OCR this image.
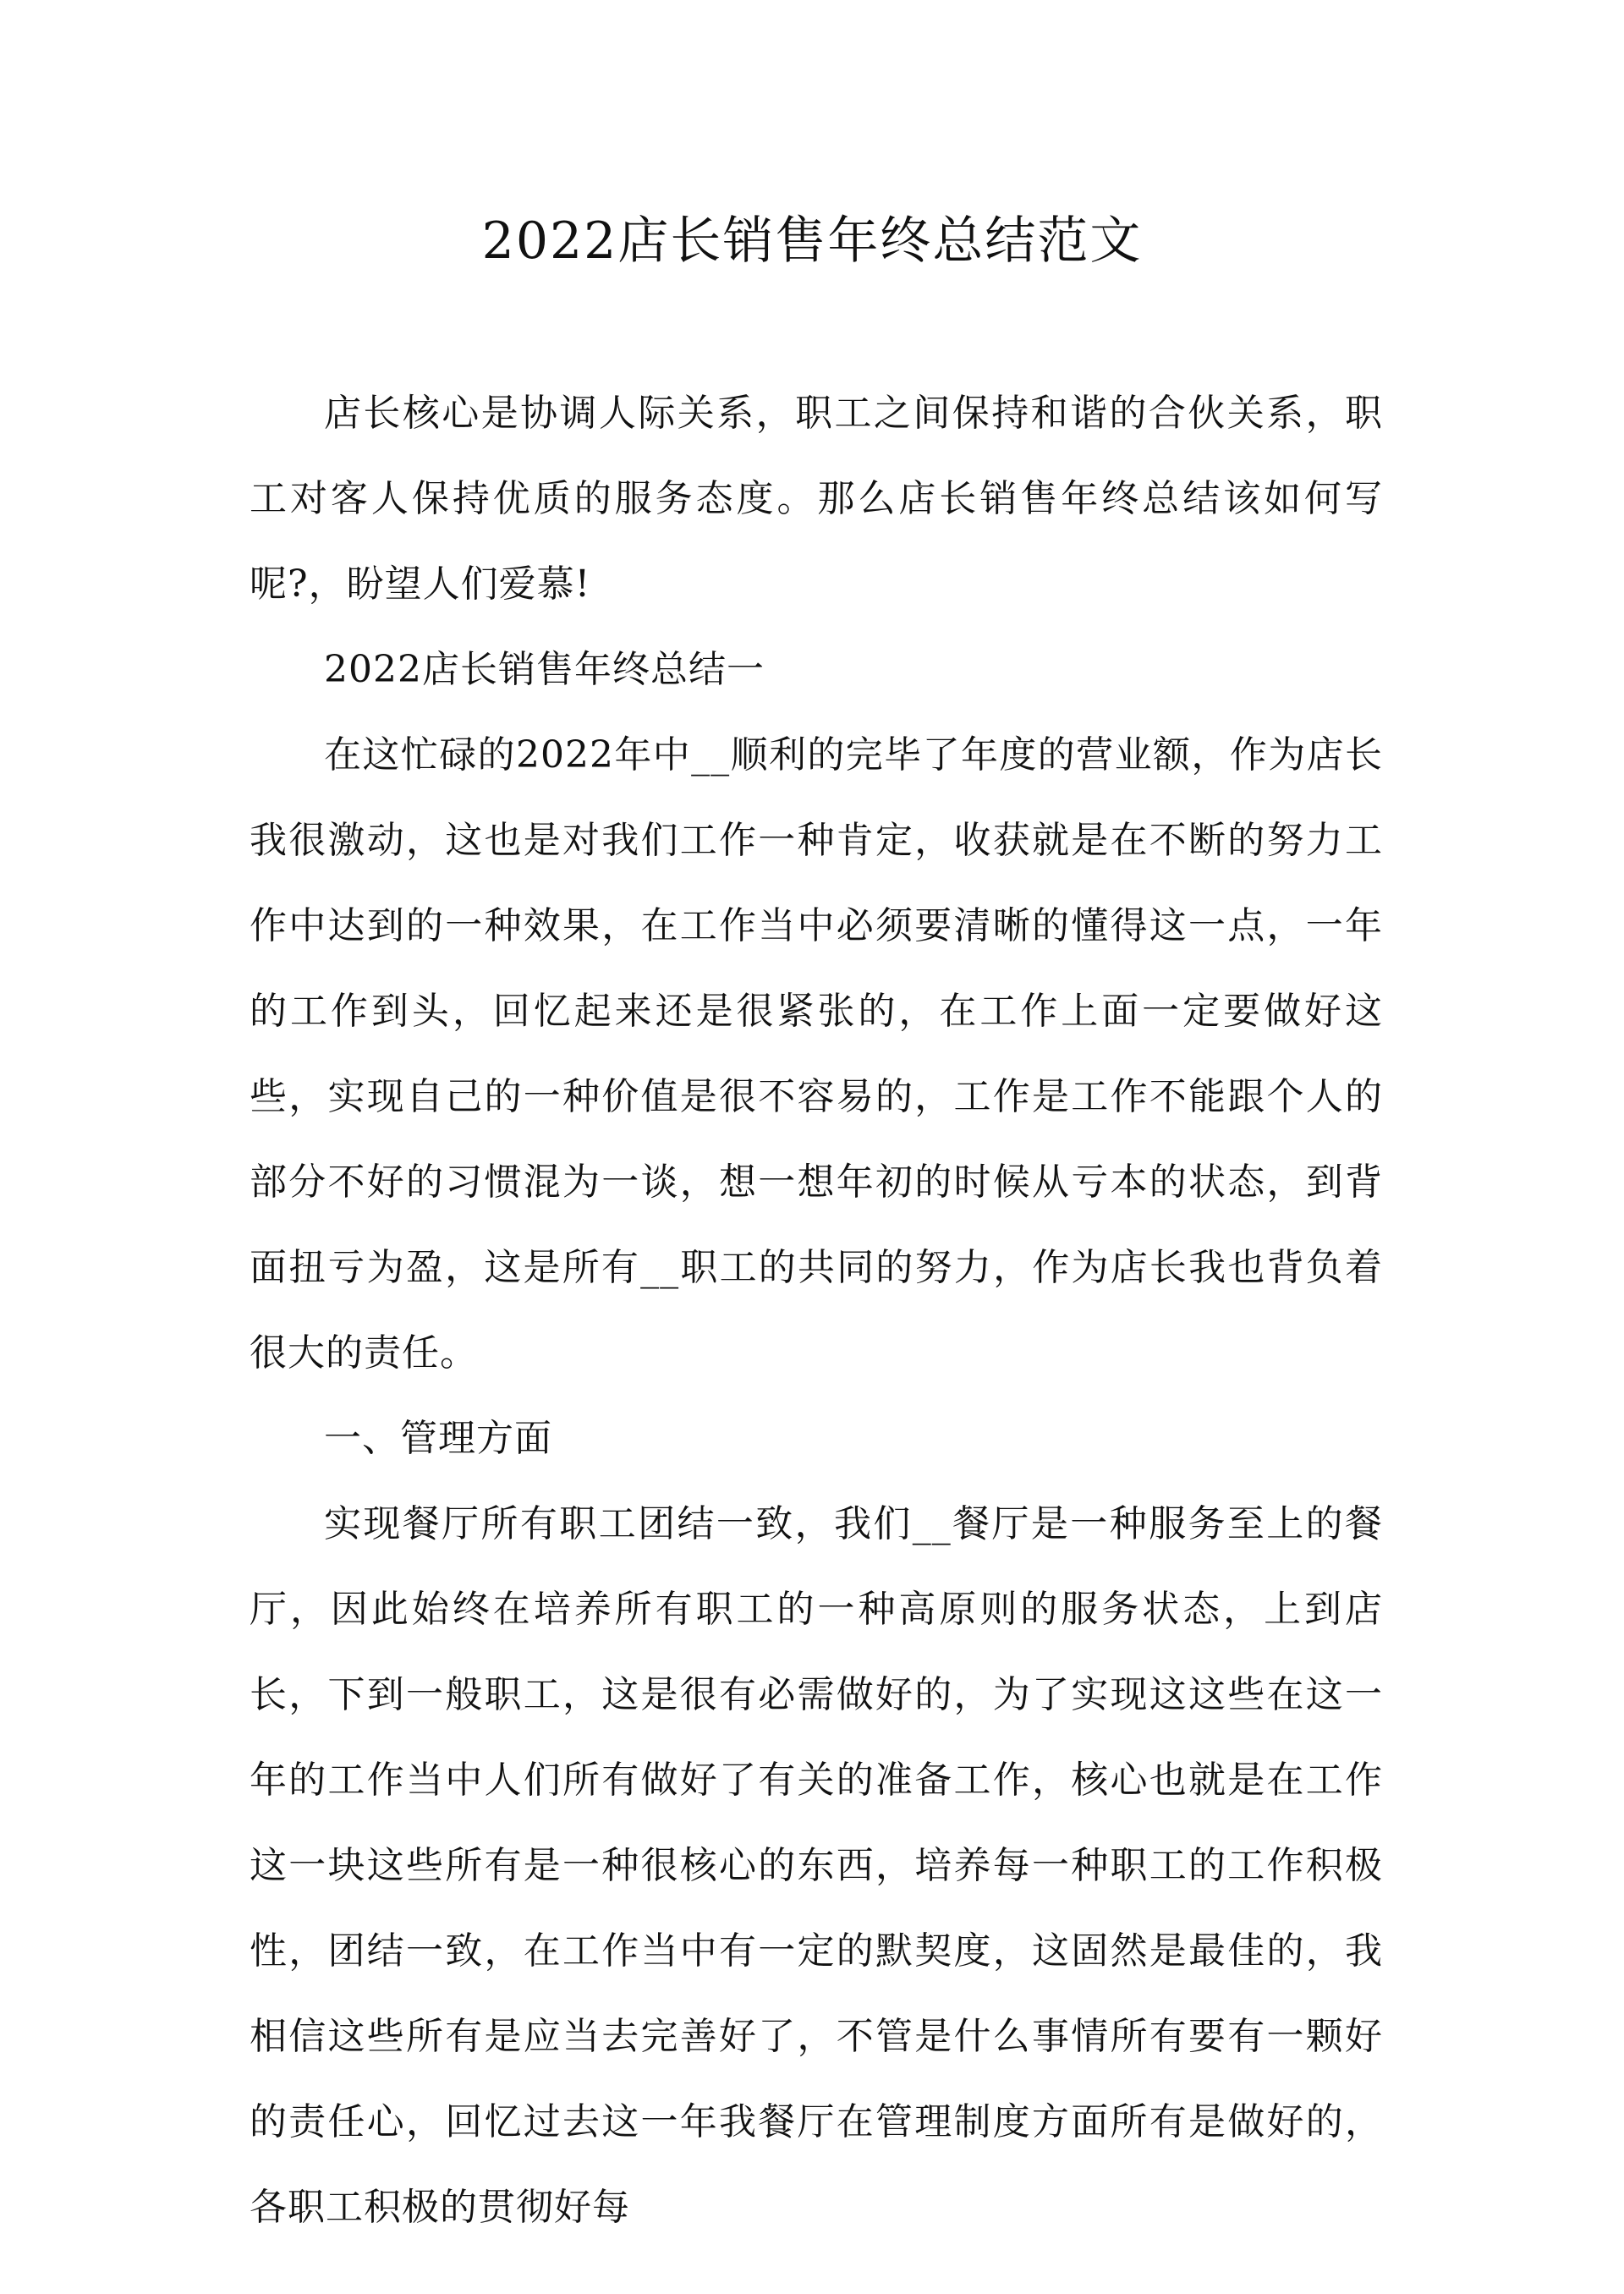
2022店长销售年终总结范文

店长核心是协调人际关系，职工之间保持和谐的合伙关系，职工对客人保持优质的服务态度。那么店长销售年终总结该如何写呢?，盼望人们爱慕!

2022店长销售年终总结一

在这忙碌的2022年中__顺利的完毕了年度的营业额，作为店长我很激动，这也是对我们工作一种肯定，收获就是在不断的努力工作中达到的一种效果，在工作当中必须要清晰的懂得这一点，一年的工作到头，回忆起来还是很紧张的，在工作上面一定要做好这些，实现自己的一种价值是很不容易的，工作是工作不能跟个人的部分不好的习惯混为一谈，想一想年初的时候从亏本的状态，到背面扭亏为盈，这是所有__职工的共同的努力，作为店长我也背负着很大的责任。

一、管理方面

实现餐厅所有职工团结一致，我们__餐厅是一种服务至上的餐厅，因此始终在培养所有职工的一种高原则的服务状态，上到店长，下到一般职工，这是很有必需做好的，为了实现这这些在这一年的工作当中人们所有做好了有关的准备工作，核心也就是在工作这一块这些所有是一种很核心的东西，培养每一种职工的工作积极性，团结一致，在工作当中有一定的默契度，这固然是最佳的，我相信这些所有是应当去完善好了，不管是什么事情所有要有一颗好的责任心，回忆过去这一年我餐厅在管理制度方面所有是做好的，各职工积极的贯彻好每
